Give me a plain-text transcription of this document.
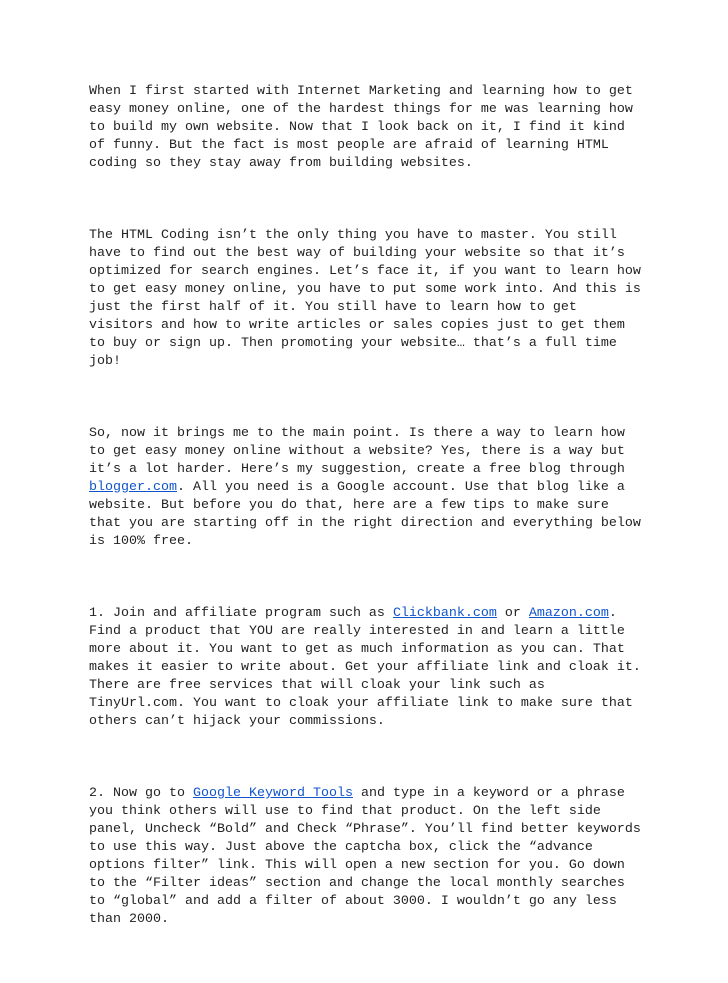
When I first started with Internet Marketing and learning how to get
easy money online, one of the hardest things for me was learning how
to build my own website. Now that I look back on it, I find it kind
of funny. But the fact is most people are afraid of learning HTML
coding so they stay away from building websites.
The HTML Coding isn’t the only thing you have to master. You still
have to find out the best way of building your website so that it’s
optimized for search engines. Let’s face it, if you want to learn how
to get easy money online, you have to put some work into. And this is
just the first half of it. You still have to learn how to get
visitors and how to write articles or sales copies just to get them
to buy or sign up. Then promoting your website… that’s a full time
job!
So, now it brings me to the main point. Is there a way to learn how
to get easy money online without a website? Yes, there is a way but
it’s a lot harder. Here’s my suggestion, create a free blog through
blogger.com. All you need is a Google account. Use that blog like a
website. But before you do that, here are a few tips to make sure
that you are starting off in the right direction and everything below
is 100% free.
1. Join and affiliate program such as Clickbank.com or Amazon.com.
Find a product that YOU are really interested in and learn a little
more about it. You want to get as much information as you can. That
makes it easier to write about. Get your affiliate link and cloak it.
There are free services that will cloak your link such as
TinyUrl.com. You want to cloak your affiliate link to make sure that
others can’t hijack your commissions.
2. Now go to Google Keyword Tools and type in a keyword or a phrase
you think others will use to find that product. On the left side
panel, Uncheck “Bold” and Check “Phrase”. You’ll find better keywords
to use this way. Just above the captcha box, click the “advance
options filter” link. This will open a new section for you. Go down
to the “Filter ideas” section and change the local monthly searches
to “global” and add a filter of about 3000. I wouldn’t go any less
than 2000.
